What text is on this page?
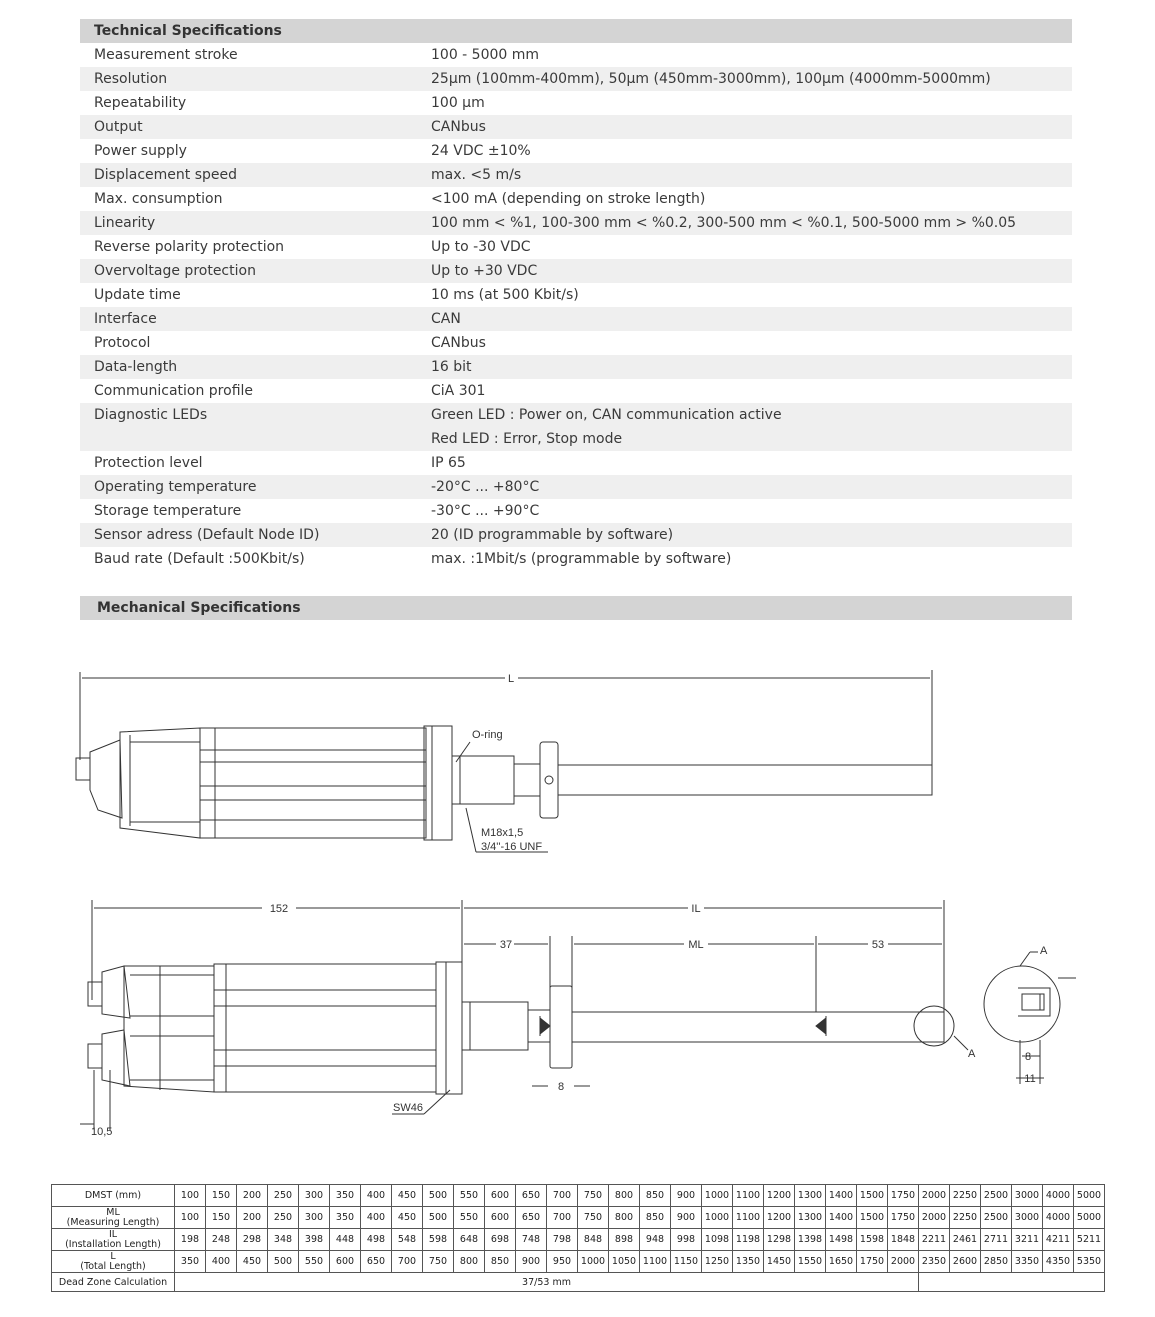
Technical Specifications
Measurement stroke	100 - 5000 mm
Resolution	25µm (100mm-400mm), 50µm (450mm-3000mm), 100µm (4000mm-5000mm)
Repeatability	100 µm
Output	CANbus
Power supply	24 VDC ±10%
Displacement speed	max. <5 m/s
Max. consumption	<100 mA (depending on stroke length)
Linearity	100 mm < %1, 100-300 mm < %0.2, 300-500 mm < %0.1, 500-5000 mm > %0.05
Reverse polarity protection	Up to -30 VDC
Overvoltage protection	Up to +30 VDC
Update time	10 ms (at 500 Kbit/s)
Interface	CAN
Protocol	CANbus
Data-length	16 bit
Communication profile	CiA 301
Diagnostic LEDs	Green LED : Power on, CAN communication active
Red LED : Error, Stop mode
Protection level	IP 65
Operating temperature	-20°C ... +80°C
Storage temperature	-30°C ... +90°C
Sensor adress (Default Node ID)	20 (ID programmable by software)
Baud rate (Default :500Kbit/s)	max. :1Mbit/s (programmable by software)
Mechanical Specifications
L
O-ring
M18x1,5
3/4''-16 UNF
152	IL
37	ML	53
8
SW46
10,5
A
A
11
8
DMST (mm)	100	150	200	250	300	350	400	450	500	550	600	650	700	750	800	850	900	1000	1100	1200	1300	1400	1500	1750	2000	2250	2500	3000	4000	5000

ML
(Measuring Length)	100	150	200	250	300	350	400	450	500	550	600	650	700	750	800	850	900	1000	1100	1200	1300	1400	1500	1750	2000	2250	2500	3000	4000	5000

IL
(Installation Length)	198	248	298	348	398	448	498	548	598	648	698	748	798	848	898	948	998	1098	1198	1298	1398	1498	1598	1848	2211	2461	2711	3211	4211	5211

L
(Total Length)	350	400	450	500	550	600	650	700	750	800	850	900	950	1000	1050	1100	1150	1250	1350	1450	1550	1650	1750	2000	2350	2600	2850	3350	4350	5350
Dead Zone Calculation	37/53 mm																													
